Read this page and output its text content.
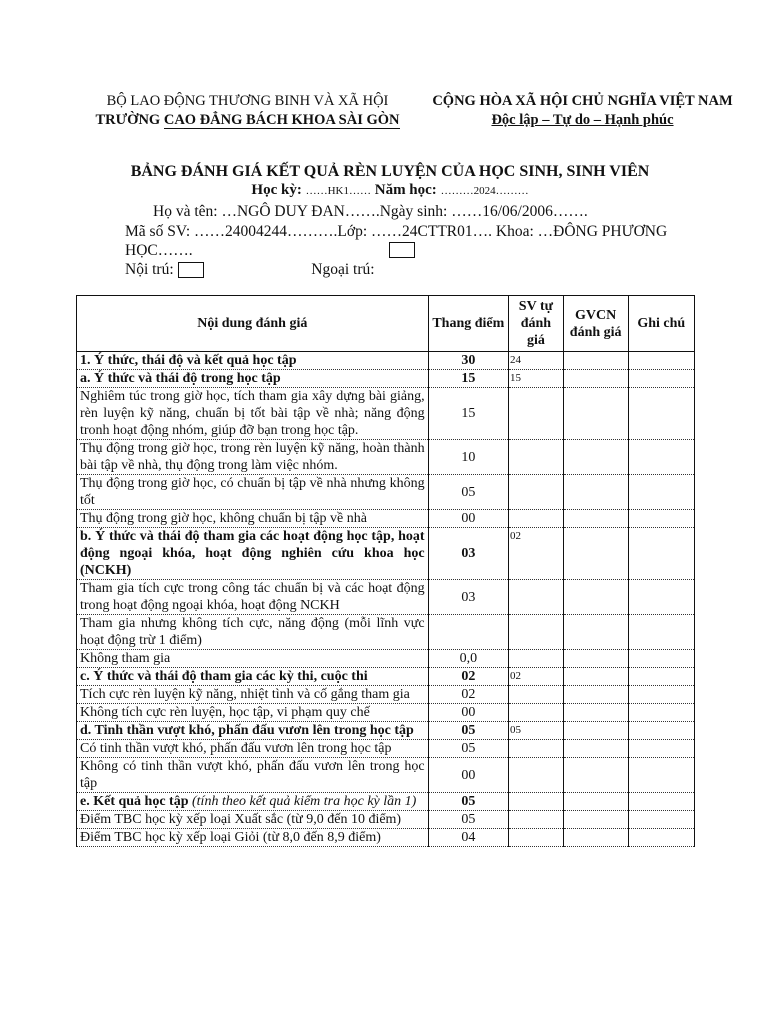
BỘ LAO ĐỘNG THƯƠNG BINH VÀ XÃ HỘI
TRƯỜNG CAO ĐẲNG BÁCH KHOA SÀI GÒN
CỘNG HÒA XÃ HỘI CHỦ NGHĨA VIỆT NAM
Độc lập – Tự do – Hạnh phúc
BẢNG ĐÁNH GIÁ KẾT QUẢ RÈN LUYỆN CỦA HỌC SINH, SINH VIÊN
Học kỳ: ……HK1…… Năm học: ………2024………
Họ và tên: …NGÔ DUY ĐAN…….Ngày sinh: ……16/06/2006…….
Mã số SV: ……24004244……….Lớp: ……24CTTR01…. Khoa: …ĐÔNG PHƯƠNG HỌC…….
Nội trú:	Ngoại trú:
Nội dung đánh giá	Thang điểm	SV tự đánh giá	GVCN đánh giá	Ghi chú
1. Ý thức, thái độ và kết quả học tập	30	24		
a. Ý thức và thái độ trong học tập	15	15		
Nghiêm túc trong giờ học, tích tham gia xây dựng bài giảng, rèn luyện kỹ năng, chuẩn bị tốt bài tập về nhà; năng động tronh hoạt động nhóm, giúp đỡ bạn trong học tập.	15			
Thụ động trong giờ học, trong rèn luyện kỹ năng, hoàn thành bài tập về nhà, thụ động trong làm việc nhóm.	10			
Thụ động trong giờ học, có chuẩn bị tập về nhà nhưng không tốt	05			
Thụ động trong giờ học, không chuẩn bị tập về nhà	00			
b. Ý thức và thái độ tham gia các hoạt động học tập, hoạt động ngoại khóa, hoạt động nghiên cứu khoa học (NCKH)	03	02		
Tham gia tích cực trong công tác chuẩn bị và các hoạt động trong hoạt động ngoại khóa, hoạt động NCKH	03			
Tham gia nhưng không tích cực, năng động (mỗi lĩnh vực hoạt động trừ 1 điểm)				
Không tham gia	0,0			
c. Ý thức và thái độ tham gia các kỳ thi, cuộc thi	02	02		
Tích cực rèn luyện kỹ năng, nhiệt tình và cố gắng tham gia	02			
Không tích cực rèn luyện, học tập, vi phạm quy chế	00			
d. Tinh thần vượt khó, phấn đấu vươn lên trong học tập	05	05		
Có tinh thần vượt khó, phấn đấu vươn lên trong học tập	05			
Không có tinh thần vượt khó, phấn đấu vươn lên trong học tập	00			
e. Kết quả học tập (tính theo kết quả kiểm tra học kỳ lần 1)	05			
Điểm TBC học kỳ xếp loại Xuất sắc (từ 9,0 đến 10 điểm)	05			
Điểm TBC học kỳ xếp loại Giỏi (từ 8,0 đến 8,9 điểm)	04			
